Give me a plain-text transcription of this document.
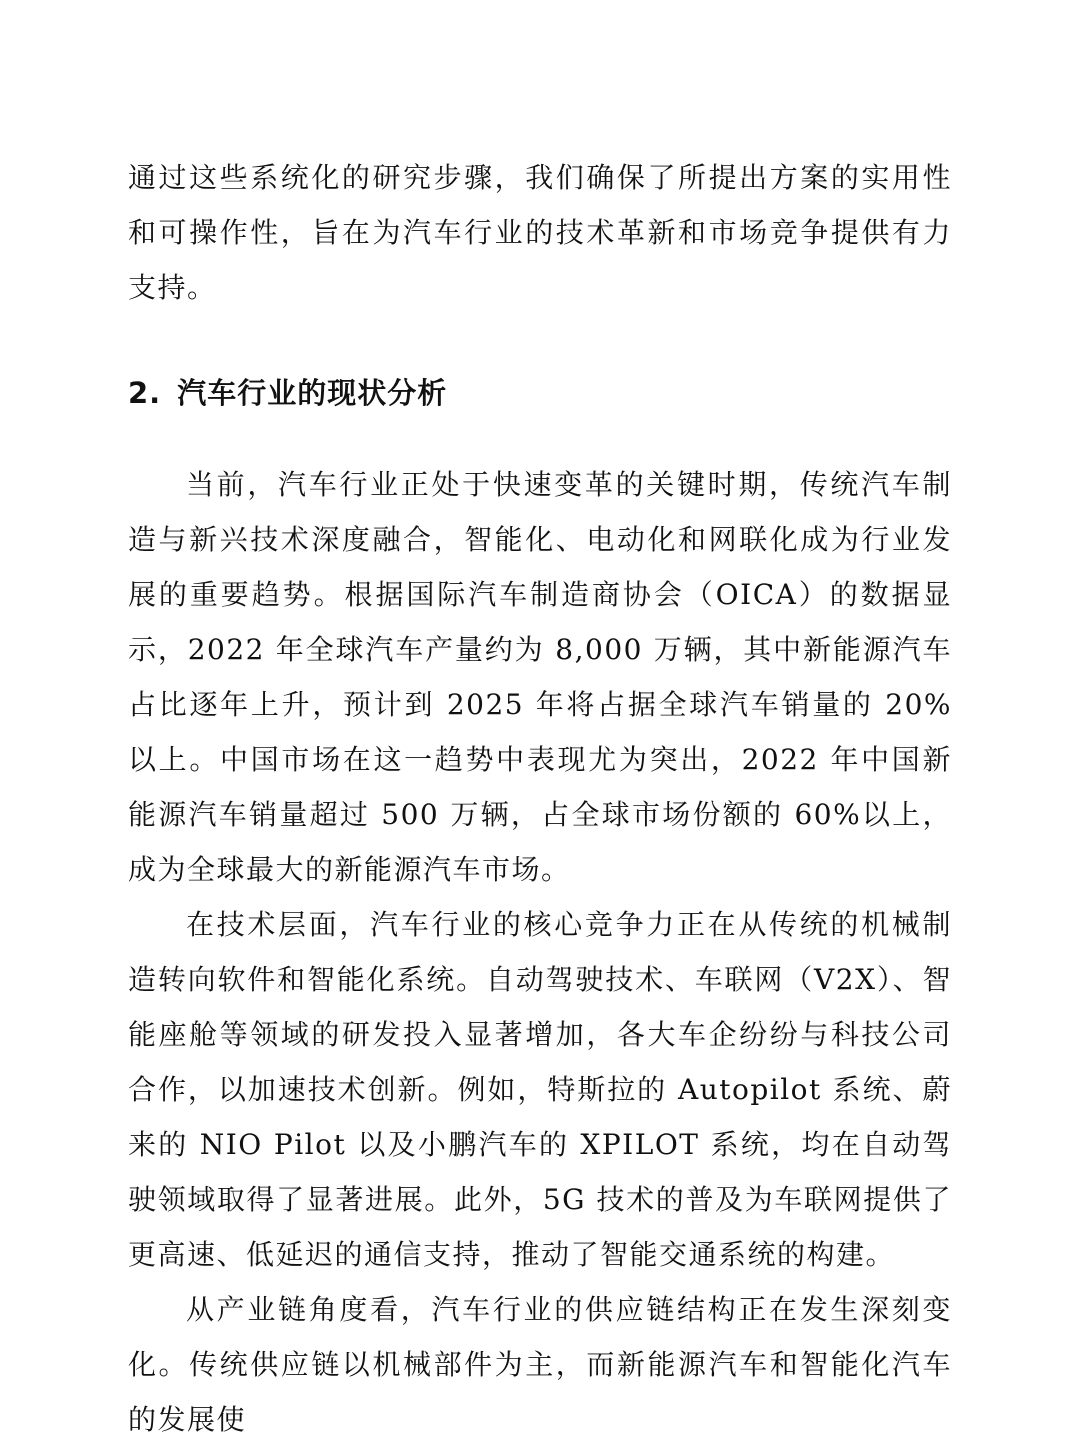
通过这些系统化的研究步骤，我们确保了所提出方案的实用性和可操作性，旨在为汽车行业的技术革新和市场竞争提供有力支持。

2. 汽车行业的现状分析

当前，汽车行业正处于快速变革的关键时期，传统汽车制造与新兴技术深度融合，智能化、电动化和网联化成为行业发展的重要趋势。根据国际汽车制造商协会（OICA）的数据显示，2022 年全球汽车产量约为 8,000 万辆，其中新能源汽车占比逐年上升，预计到 2025 年将占据全球汽车销量的 20%以上。中国市场在这一趋势中表现尤为突出，2022 年中国新能源汽车销量超过 500 万辆，占全球市场份额的 60%以上，成为全球最大的新能源汽车市场。

在技术层面，汽车行业的核心竞争力正在从传统的机械制造转向软件和智能化系统。自动驾驶技术、车联网（V2X）、智能座舱等领域的研发投入显著增加，各大车企纷纷与科技公司合作，以加速技术创新。例如，特斯拉的 Autopilot 系统、蔚来的 NIO Pilot 以及小鹏汽车的 XPILOT 系统，均在自动驾驶领域取得了显著进展。此外，5G 技术的普及为车联网提供了更高速、低延迟的通信支持，推动了智能交通系统的构建。

从产业链角度看，汽车行业的供应链结构正在发生深刻变化。传统供应链以机械部件为主，而新能源汽车和智能化汽车的发展使
